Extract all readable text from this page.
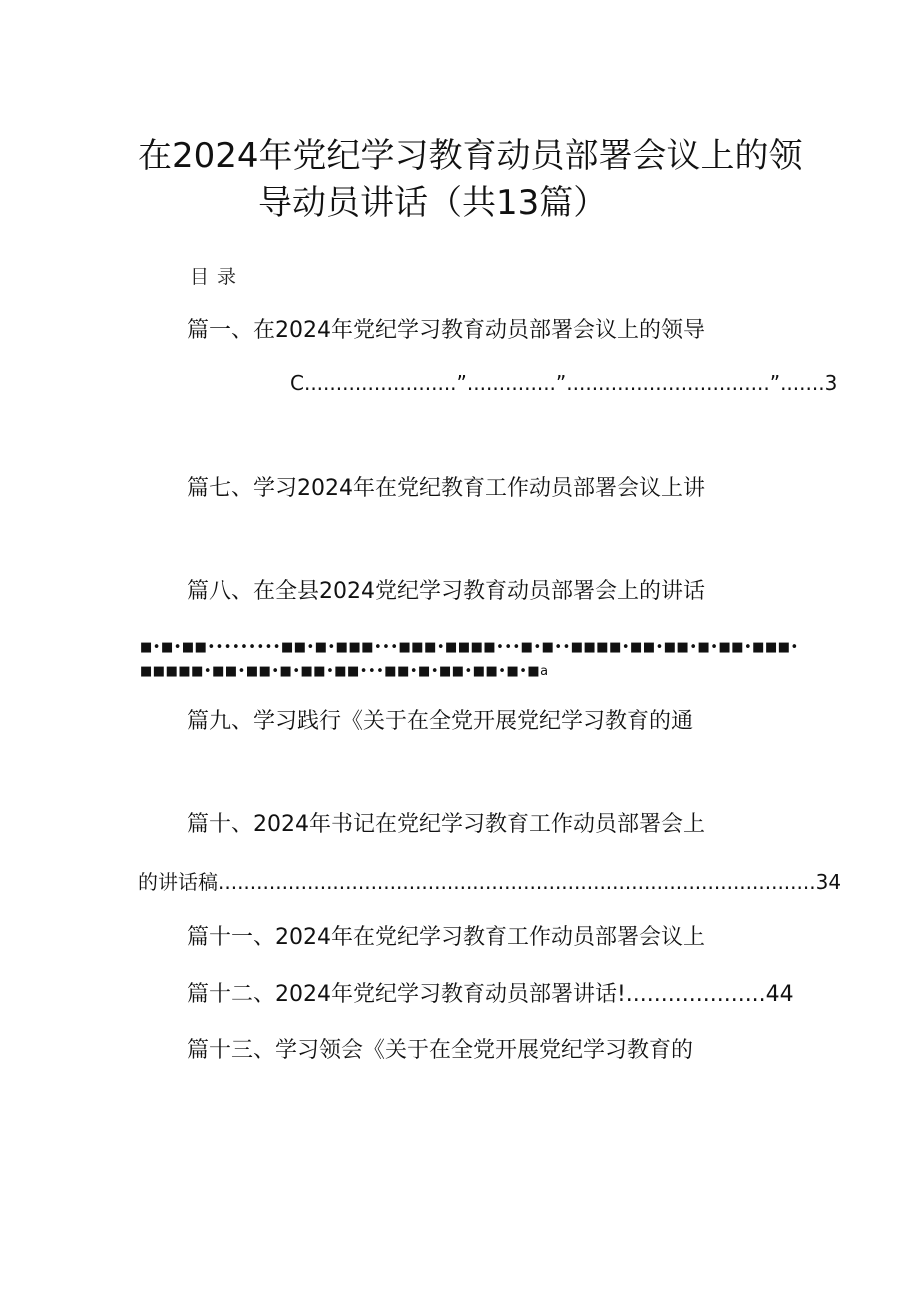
在2024年党纪学习教育动员部署会议上的领
导动员讲话（共13篇）
目录
篇一、在2024年党纪学习教育动员部署会议上的领导
C........................”..............”................................”.......3
篇七、学习2024年在党纪教育工作动员部署会议上讲
篇八、在全县2024党纪学习教育动员部署会上的讲话
■•■•■■•••••••••■■•■•■■■•••■■■•■■■■•••■•■••■■■■•■■•■■•■•■■•■■■•
■■■■■•■■•■■•■•■■•■■•••■■•■•■■•■■•■•■a
篇九、学习践行《关于在全党开展党纪学习教育的通
篇十、2024年书记在党纪学习教育工作动员部署会上
的讲话稿..............................................................................................34
篇十一、2024年在党纪学习教育工作动员部署会议上
篇十二、2024年党纪学习教育动员部署讲话!....................44
篇十三、学习领会《关于在全党开展党纪学习教育的
